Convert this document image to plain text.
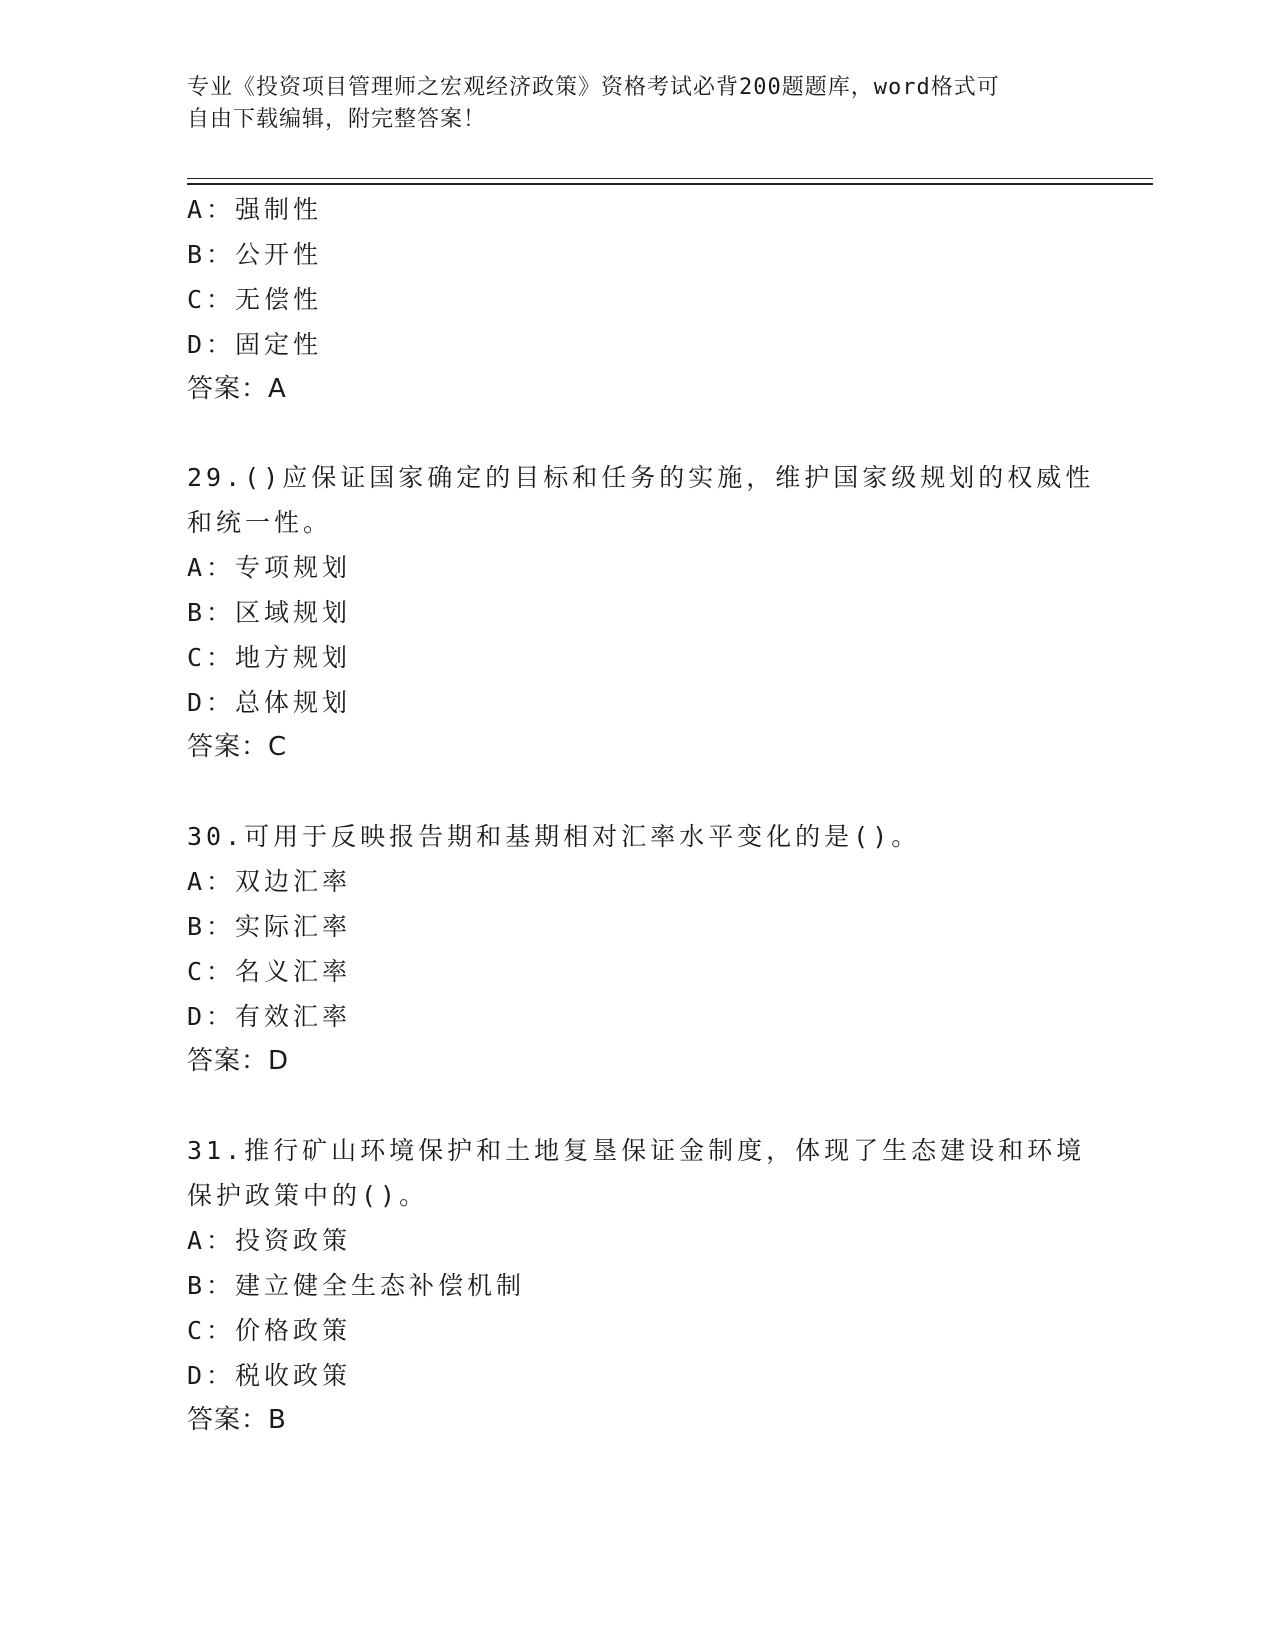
专业《投资项目管理师之宏观经济政策》资格考试必背200题题库，word格式可
自由下载编辑，附完整答案！
A：强制性
B：公开性
C：无偿性
D：固定性
答案：A
29.()应保证国家确定的目标和任务的实施，维护国家级规划的权威性
和统一性。
A：专项规划
B：区域规划
C：地方规划
D：总体规划
答案：C
30.可用于反映报告期和基期相对汇率水平变化的是()。
A：双边汇率
B：实际汇率
C：名义汇率
D：有效汇率
答案：D
31.推行矿山环境保护和土地复垦保证金制度，体现了生态建设和环境
保护政策中的()。
A：投资政策
B：建立健全生态补偿机制
C：价格政策
D：税收政策
答案：B
